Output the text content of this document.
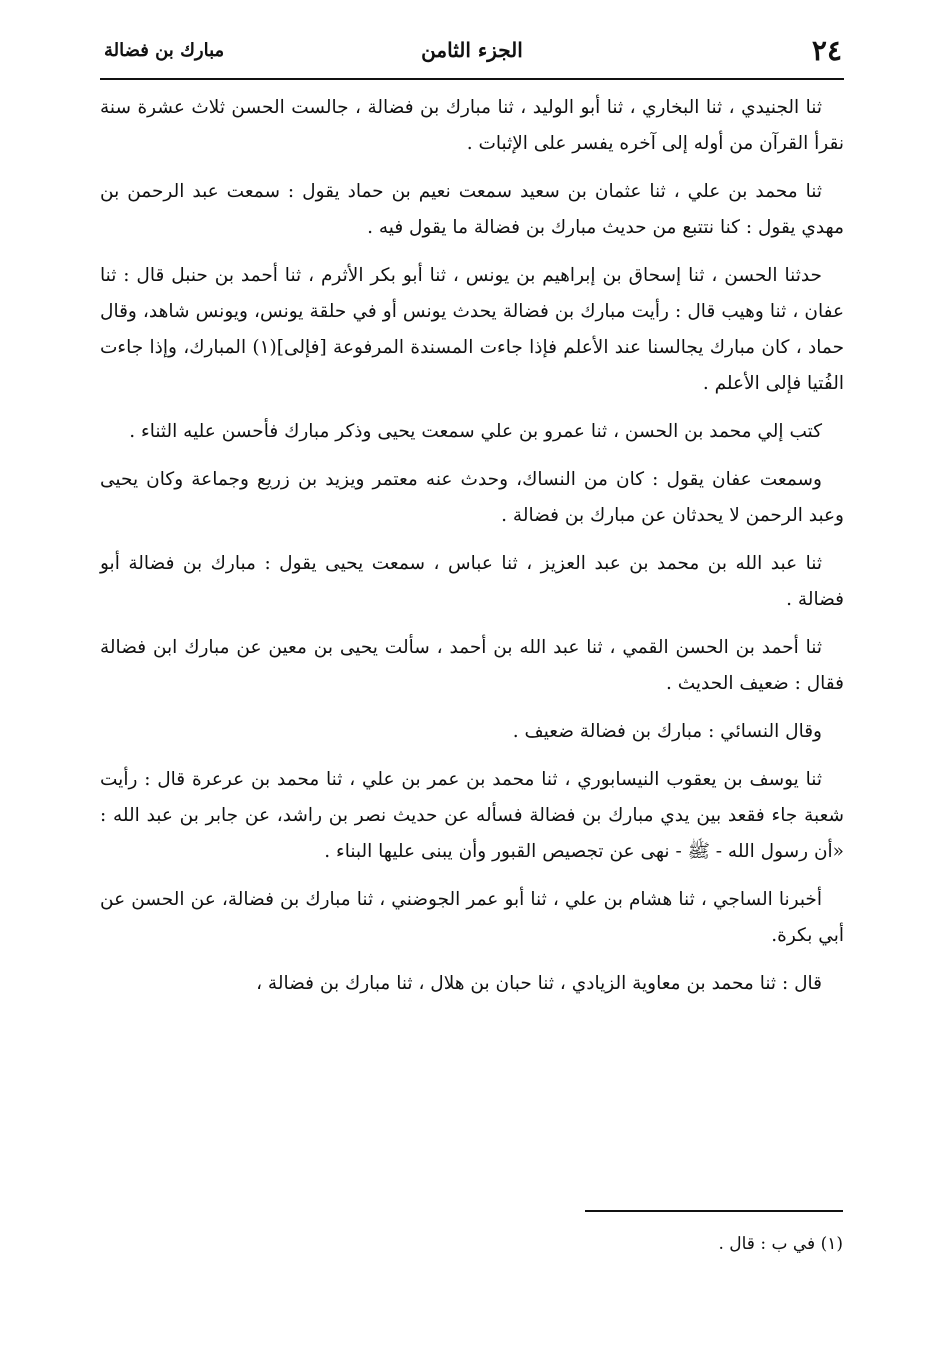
٢٤
الجزء الثامن
مبارك بن فضالة

ثنا الجنيدي ، ثنا البخاري ، ثنا أبو الوليد ، ثنا مبارك بن فضالة ، جالست الحسن ثلاث عشرة سنة نقرأ القرآن من أوله إلى آخره يفسر على الإثبات .

ثنا محمد بن علي ، ثنا عثمان بن سعيد سمعت نعيم بن حماد يقول : سمعت عبد الرحمن بن مهدي يقول : كنا نتتبع من حديث مبارك بن فضالة ما يقول فيه .

حدثنا الحسن ، ثنا إسحاق بن إبراهيم بن يونس ، ثنا أبو بكر الأثرم ، ثنا أحمد بن حنبل قال : ثنا عفان ، ثنا وهيب قال : رأيت مبارك بن فضالة يحدث يونس أو في حلقة يونس، ويونس شاهد، وقال حماد ، كان مبارك يجالسنا عند الأعلم فإذا جاءت المسندة المرفوعة [فإلى](١) المبارك، وإذا جاءت الفُتيا فإلى الأعلم .

كتب إلي محمد بن الحسن ، ثنا عمرو بن علي سمعت يحيى وذكر مبارك فأحسن عليه الثناء .

وسمعت عفان يقول : كان من النساك، وحدث عنه معتمر ويزيد بن زريع وجماعة وكان يحيى وعبد الرحمن لا يحدثان عن مبارك بن فضالة .

ثنا عبد الله بن محمد بن عبد العزيز ، ثنا عباس ، سمعت يحيى يقول : مبارك بن فضالة أبو فضالة .

ثنا أحمد بن الحسن القمي ، ثنا عبد الله بن أحمد ، سألت يحيى بن معين عن مبارك ابن فضالة فقال : ضعيف الحديث .

وقال النسائي : مبارك بن فضالة ضعيف .

ثنا يوسف بن يعقوب النيسابوري ، ثنا محمد بن عمر بن علي ، ثنا محمد بن عرعرة قال : رأيت شعبة جاء فقعد بين يدي مبارك بن فضالة فسأله عن حديث نصر بن راشد، عن جابر بن عبد الله : «أن رسول الله - ﷺ - نهى عن تجصيص القبور وأن يبنى عليها البناء .

أخبرنا الساجي ، ثنا هشام بن علي ، ثنا أبو عمر الجوضني ، ثنا مبارك بن فضالة، عن الحسن عن أبي بكرة.

قال : ثنا محمد بن معاوية الزيادي ، ثنا حبان بن هلال ، ثنا مبارك بن فضالة ،

(١) في ب : قال .
